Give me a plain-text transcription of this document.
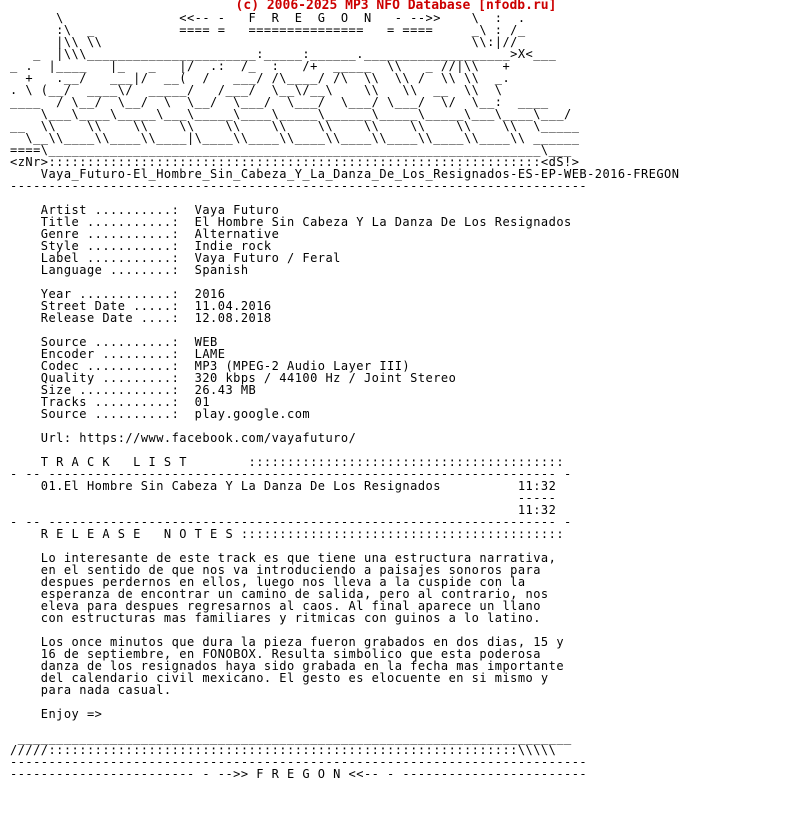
(c) 2006-2025 MP3 NFO Database [nfodb.ru]
\               <<-- -   F  R  E  G  O  N   - -->>    \  :  .
:\  _           ==== =   ===============   = ====     _\ : /_
|\\ \\                                                \\:|//
_  |\\\______________________:_____:______.___________________>X<___
_ .  |____   |_   _   |/  .:  /_  :   /+  _____  \\   _ //|\\   +
+   .__/   ___|/  __(  /   ___/ /\____/ /\  \\  \\ /  \\ \\  _.
. \ (__/  ____\/  _____/   /___/  \__\/__\    \\   \\  __  \\  \
____  / \__/  \__/  \  \__/  \___/  \___/  \___/ \___/  \/  \__:  ____
\___\____\_____\___\_____\____\_____\______\_____\_____\___\____\___/
__  \\    \\    \\    \\    \\    \\    \\    \\    \\    \\    \\  \_____
\__\\____\\____\\____|\____\\____\\____\\____\\____\\____\\____\\ ______
====\________________________________________________________________\___
<zNr>::::::::::::::::::::::::::::::::::::::::::::::::::::::::::::::::<dS!>
Vaya_Futuro-El_Hombre_Sin_Cabeza_Y_La_Danza_De_Los_Resignados-ES-EP-WEB-2016-FREGON
---------------------------------------------------------------------------

Artist ..........:  Vaya Futuro
Title ...........:  El Hombre Sin Cabeza Y La Danza De Los Resignados
Genre ...........:  Alternative
Style ...........:  Indie rock
Label ...........:  Vaya Futuro / Feral
Language ........:  Spanish

Year ............:  2016
Street Date .....:  11.04.2016
Release Date ....:  12.08.2018

Source ..........:  WEB
Encoder .........:  LAME
Codec ...........:  MP3 (MPEG-2 Audio Layer III)
Quality .........:  320 kbps / 44100 Hz / Joint Stereo
Size ............:  26.43 MB
Tracks ..........:  01
Source ..........:  play.google.com

Url: https://www.facebook.com/vayafuturo/

T R A C K   L I S T        :::::::::::::::::::::::::::::::::::::::::
- -- ------------------------------------------------------------------ -
01.El Hombre Sin Cabeza Y La Danza De Los Resignados          11:32
-----
11:32
- -- ------------------------------------------------------------------ -
R E L E A S E   N O T E S ::::::::::::::::::::::::::::::::::::::::::

Lo interesante de este track es que tiene una estructura narrativa,
en el sentido de que nos va introduciendo a paisajes sonoros para
despues perdernos en ellos, luego nos lleva a la cuspide con la
esperanza de encontrar un camino de salida, pero al contrario, nos
eleva para despues regresarnos al caos. Al final aparece un llano
con estructuras mas familiares y ritmicas con guinos a lo latino.

Los once minutos que dura la pieza fueron grabados en dos dias, 15 y
16 de septiembre, en FONOBOX. Resulta simbolico que esta poderosa
danza de los resignados haya sido grabada en la fecha mas importante
del calendario civil mexicano. El gesto es elocuente en si mismo y
para nada casual.

Enjoy =>

________________________________________________________________________
/////:::::::::::::::::::::::::::::::::::::::::::::::::::::::::::::\\\\\
---------------------------------------------------------------------------
------------------------ - -->> F R E G O N <<-- - ------------------------
